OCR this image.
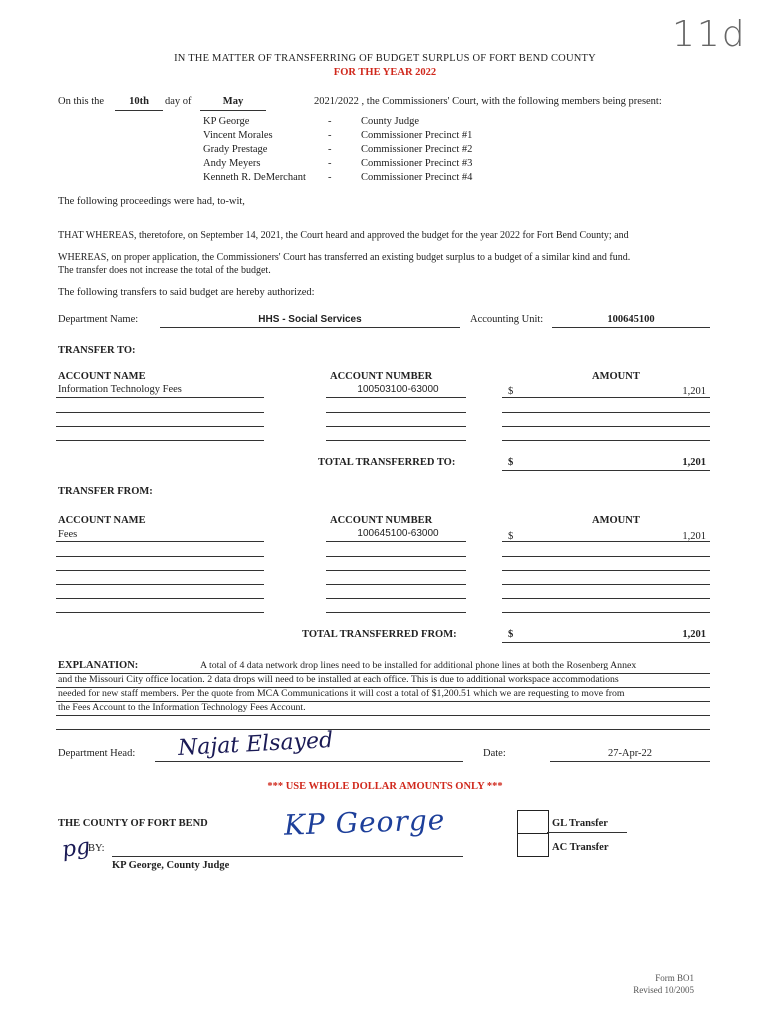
11d
IN THE MATTER OF TRANSFERRING OF BUDGET SURPLUS OF FORT BEND COUNTY
FOR THE YEAR 2022
On this the	10th	day of	May	2021/2022 , the Commissioners' Court, with the following members being present:
KP George	-	County Judge
Vincent Morales	-	Commissioner Precinct #1
Grady Prestage	-	Commissioner Precinct #2
Andy Meyers	-	Commissioner Precinct #3
Kenneth R. DeMerchant -	Commissioner Precinct #4
The following proceedings were had, to-wit,
THAT WHEREAS, theretofore, on September 14, 2021, the Court heard and approved the budget for the year 2022 for Fort Bend County; and
WHEREAS, on proper application, the Commissioners' Court has transferred an existing budget surplus to a budget of a similar kind and fund.
The transfer does not increase the total of the budget.
The following transfers to said budget are hereby authorized:
Department Name:	HHS - Social Services	Accounting Unit:	100645100
TRANSFER TO:
ACCOUNT NAME	ACCOUNT NUMBER	AMOUNT
Information Technology Fees	100503100-63000	$	1,201
TOTAL TRANSFERRED TO:	$	1,201
TRANSFER FROM:
ACCOUNT NAME	ACCOUNT NUMBER	AMOUNT
Fees	100645100-63000	$	1,201
TOTAL TRANSFERRED FROM:	$	1,201
EXPLANATION:	A total of 4 data network drop lines need to be installed for additional phone lines at both the Rosenberg Annex
and the Missouri City office location. 2 data drops will need to be installed at each office. This is due to additional workspace accommodations
needed for new staff members. Per the quote from MCA Communications it will cost a total of $1,200.51 which we are requesting to move from
the Fees Account to the Information Technology Fees Account.
Department Head: Najat Elsayed	Date:	27-Apr-22
*** USE WHOLE DOLLAR AMOUNTS ONLY ***
THE COUNTY OF FORT BEND	KP George
pg
BY:
KP George, County Judge
GL Transfer
AC Transfer
Form BO1
Revised 10/2005
